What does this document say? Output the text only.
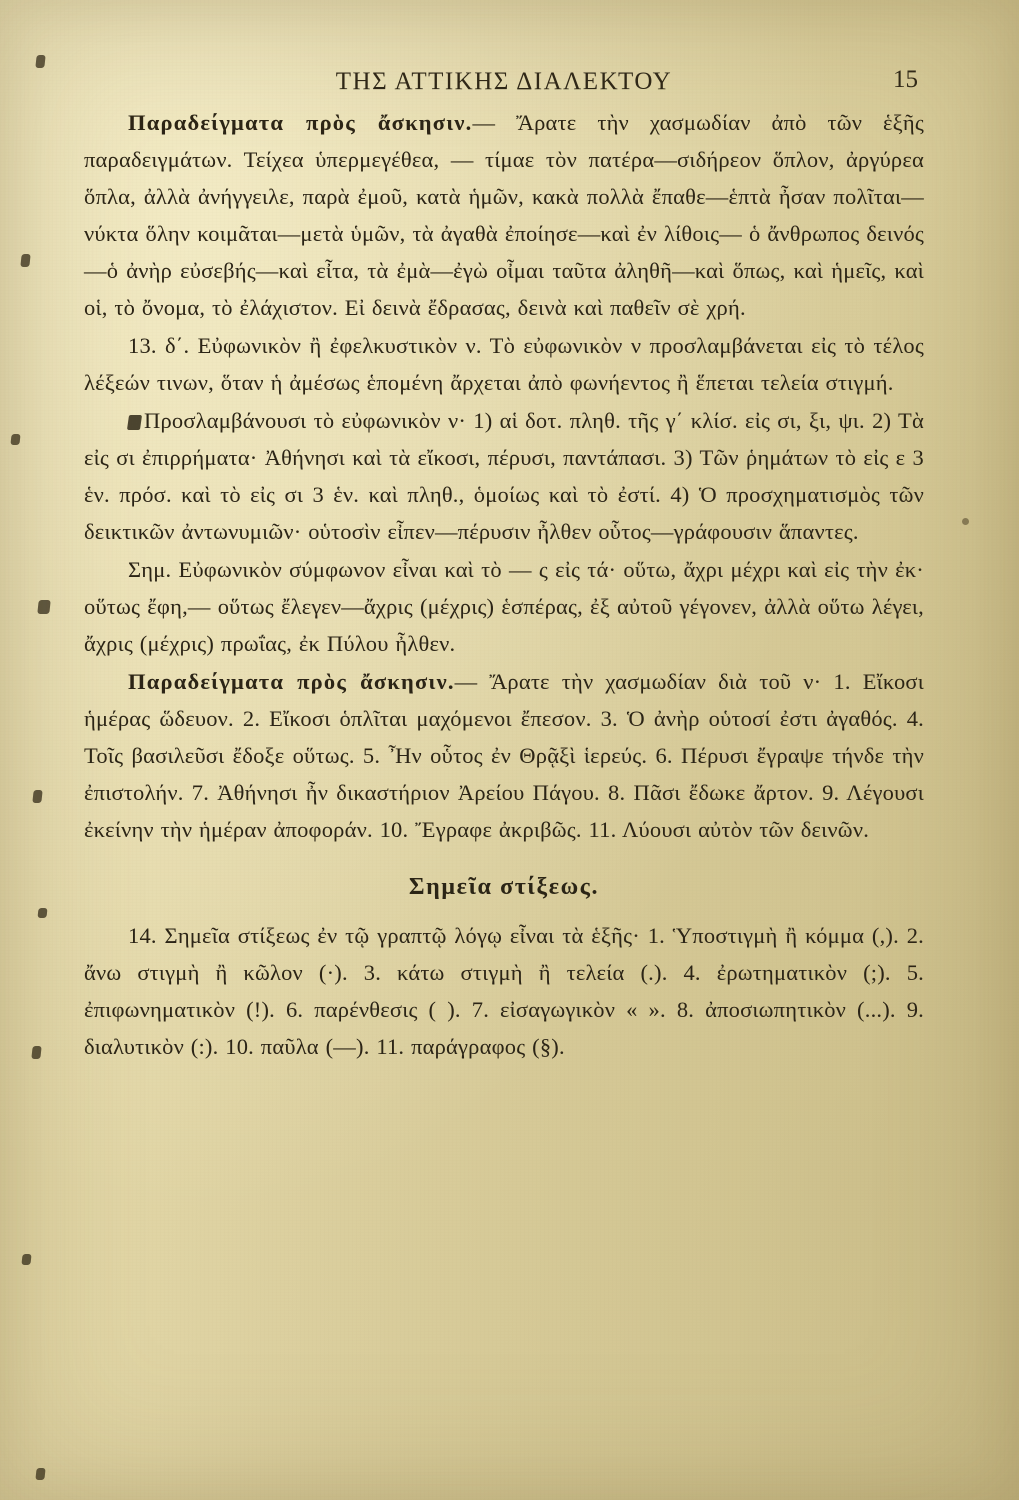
ΤΗΣ ΑΤΤΙΚΗΣ ΔΙΑΛΕΚΤΟΥ	15

Παραδείγματα πρὸς ἄσκησιν.— Ἄρατε τὴν χασμωδίαν ἀπὸ τῶν ἑξῆς παραδειγμάτων. Τείχεα ὑπερμεγέθεα, — τίμαε τὸν πατέρα—σιδήρεον ὅπλον, ἀργύρεα ὅπλα, ἀλλὰ ἀνήγγειλε, παρὰ ἐμοῦ, κατὰ ἡμῶν, κακὰ πολλὰ ἔπαθε—ἑπτὰ ἦσαν πολῖται—νύκτα ὅλην κοιμᾶται—μετὰ ὑμῶν, τὰ ἀγαθὰ ἐποίησε—καὶ ἐν λίθοις— ὁ ἄνθρωπος δεινός—ὁ ἀνὴρ εὐσεβής—καὶ εἶτα, τὰ ἐμὰ—ἐγὼ οἶμαι ταῦτα ἀληθῆ—καὶ ὅπως, καὶ ἡμεῖς, καὶ οἱ, τὸ ὄνομα, τὸ ἐλάχιστον. Εἰ δεινὰ ἔδρασας, δεινὰ καὶ παθεῖν σὲ χρή.

13. δ΄. Εὐφωνικὸν ἢ ἐφελκυστικὸν ν. Τὸ εὐφωνικὸν ν προσλαμβάνεται εἰς τὸ τέλος λέξεών τινων, ὅταν ἡ ἀμέσως ἑπομένη ἄρχεται ἀπὸ φωνήεντος ἢ ἕπεται τελεία στιγμή.

Προσλαμβάνουσι τὸ εὐφωνικὸν ν· 1) αἱ δοτ. πληθ. τῆς γ΄ κλίσ. εἰς σι, ξι, ψι. 2) Τὰ εἰς σι ἐπιρρήματα· Ἀθήνησι καὶ τὰ εἴκοσι, πέρυσι, παντάπασι. 3) Τῶν ῥημάτων τὸ εἰς ε 3 ἑν. πρόσ. καὶ τὸ εἰς σι 3 ἑν. καὶ πληθ., ὁμοίως καὶ τὸ ἐστί. 4) Ὁ προσχηματισμὸς τῶν δεικτικῶν ἀντωνυμιῶν· οὑτοσὶν εἶπεν—πέρυσιν ἦλθεν οὗτος—γράφουσιν ἅπαντες.

Σημ. Εὐφωνικὸν σύμφωνον εἶναι καὶ τὸ — ς εἰς τά· οὕτω, ἄχρι μέχρι καὶ εἰς τὴν ἐκ· οὕτως ἔφη,— οὕτως ἔλεγεν—ἄχρις (μέχρις) ἑσπέρας, ἐξ αὐτοῦ γέγονεν, ἀλλὰ οὕτω λέγει, ἄχρις (μέχρις) πρωΐας, ἐκ Πύλου ἦλθεν.

Παραδείγματα πρὸς ἄσκησιν.— Ἄρατε τὴν χασμωδίαν διὰ τοῦ ν· 1. Εἴκοσι ἡμέρας ὥδευον. 2. Εἴκοσι ὁπλῖται μαχόμενοι ἔπεσον. 3. Ὁ ἀνὴρ οὑτοσί ἐστι ἀγαθός. 4. Τοῖς βασιλεῦσι ἔδοξε οὕτως. 5. Ἦν οὗτος ἐν Θρᾷξὶ ἱερεύς. 6. Πέρυσι ἔγραψε τήνδε τὴν ἐπιστολήν. 7. Ἀθήνησι ἦν δικαστήριον Ἀρείου Πάγου. 8. Πᾶσι ἔδωκε ἄρτον. 9. Λέγουσι ἐκείνην τὴν ἡμέραν ἀποφοράν. 10. Ἔγραφε ἀκριβῶς. 11. Λύουσι αὐτὸν τῶν δεινῶν.

Σημεῖα στίξεως.

14. Σημεῖα στίξεως ἐν τῷ γραπτῷ λόγῳ εἶναι τὰ ἑξῆς· 1. Ὑποστιγμὴ ἢ κόμμα (,). 2. ἄνω στιγμὴ ἢ κῶλον (·). 3. κάτω στιγμὴ ἢ τελεία (.). 4. ἐρωτηματικὸν (;). 5. ἐπιφωνηματικὸν (!). 6. παρένθεσις ( ). 7. εἰσαγωγικὸν « ». 8. ἀποσιωπητικὸν (...). 9. διαλυτικὸν (:). 10. παῦλα (—). 11. παράγραφος (§).
